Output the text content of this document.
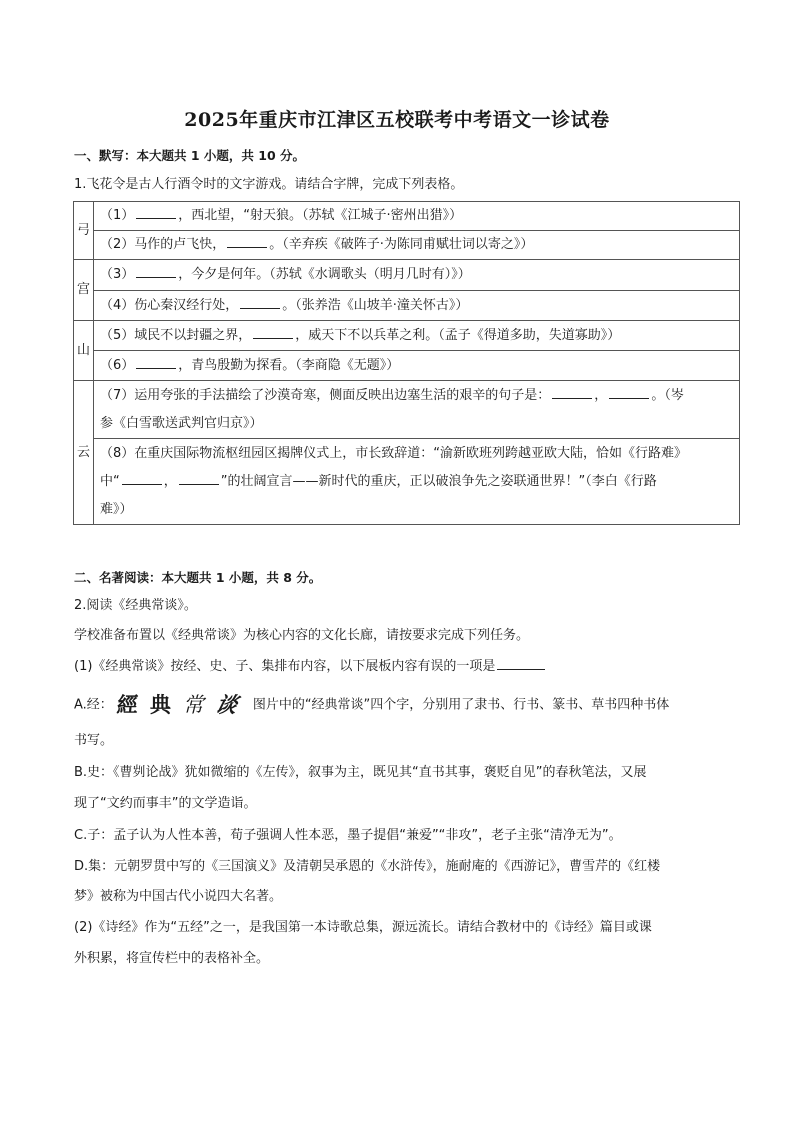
2025年重庆市江津区五校联考中考语文一诊试卷
一、默写：本大题共 1 小题，共 10 分。
1.飞花令是古人行酒令时的文字游戏。请结合字牌，完成下列表格。
弓	（1） ，西北望，“射天狼。（苏轼《江城子·密州出猎》）
	（2）马作的卢飞快， 。（辛弃疾《破阵子·为陈同甫赋壮词以寄之》）
宫	（3） ，今夕是何年。（苏轼《水调歌头（明月几时有）》）
	（4）伤心秦汉经行处， 。（张养浩《山坡羊·潼关怀古》）
山	（5）域民不以封疆之界， ，威天下不以兵革之利。（孟子《得道多助，失道寡助》）
	（6） ，青鸟殷勤为探看。（李商隐《无题》）
云	（7）运用夸张的手法描绘了沙漠奇寒，侧面反映出边塞生活的艰辛的句子是： ， 。（岑
参《白雪歌送武判官归京》）

	（8）在重庆国际物流枢纽园区揭牌仪式上，市长致辞道：“渝新欧班列跨越亚欧大陆，恰如《行路难》
中“ ， ”的壮阔宣言——新时代的重庆，正以破浪争先之姿联通世界！”（李白《行路
难》）
二、名著阅读：本大题共 1 小题，共 8 分。
2.阅读《经典常谈》。
学校准备布置以《经典常谈》为核心内容的文化长廊，请按要求完成下列任务。
(1)《经典常谈》按经、史、子、集排布内容，以下展板内容有误的一项是
A.经： 經典常谈图片中的“经典常谈”四个字，分别用了隶书、行书、篆书、草书四种书体
书写。
B.史：《曹刿论战》犹如微缩的《左传》，叙事为主，既见其“直书其事，褒贬自见”的春秋笔法，又展
现了“文约而事丰”的文学造诣。
C.子：孟子认为人性本善，荀子强调人性本恶，墨子提倡“兼爱”“非攻”，老子主张“清净无为”。
D.集：元朝罗贯中写的《三国演义》及清朝吴承恩的《水浒传》，施耐庵的《西游记》，曹雪芹的《红楼
梦》被称为中国古代小说四大名著。
(2)《诗经》作为“五经”之一，是我国第一本诗歌总集，源远流长。请结合教材中的《诗经》篇目或课
外积累，将宣传栏中的表格补全。
